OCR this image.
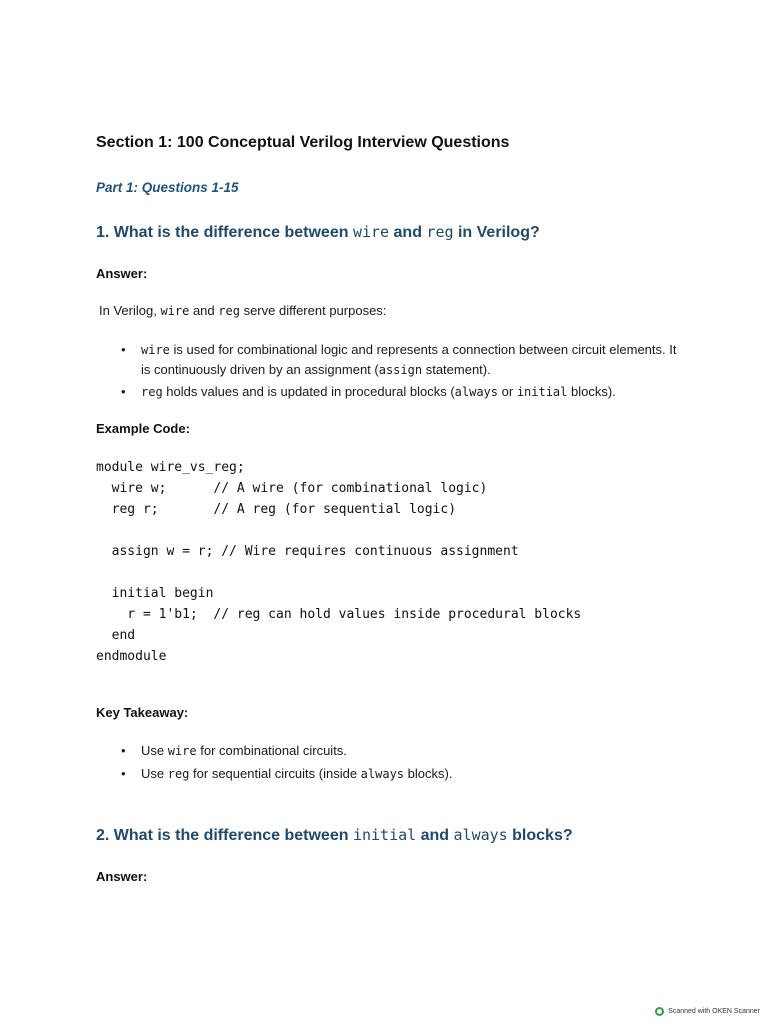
Section 1: 100 Conceptual Verilog Interview Questions
Part 1: Questions 1-15
1. What is the difference between wire and reg in Verilog?
Answer:
In Verilog, wire and reg serve different purposes:
• wire is used for combinational logic and represents a connection between circuit elements. It is continuously driven by an assignment (assign statement).
• reg holds values and is updated in procedural blocks (always or initial blocks).
Example Code:
module wire_vs_reg;
wire w;      // A wire (for combinational logic)
reg r;       // A reg (for sequential logic)

assign w = r; // Wire requires continuous assignment

initial begin
r = 1'b1;  // reg can hold values inside procedural blocks
end
endmodule
Key Takeaway:
• Use wire for combinational circuits.
• Use reg for sequential circuits (inside always blocks).
2. What is the difference between initial and always blocks?
Answer:
Scanned with OKEN Scanner
